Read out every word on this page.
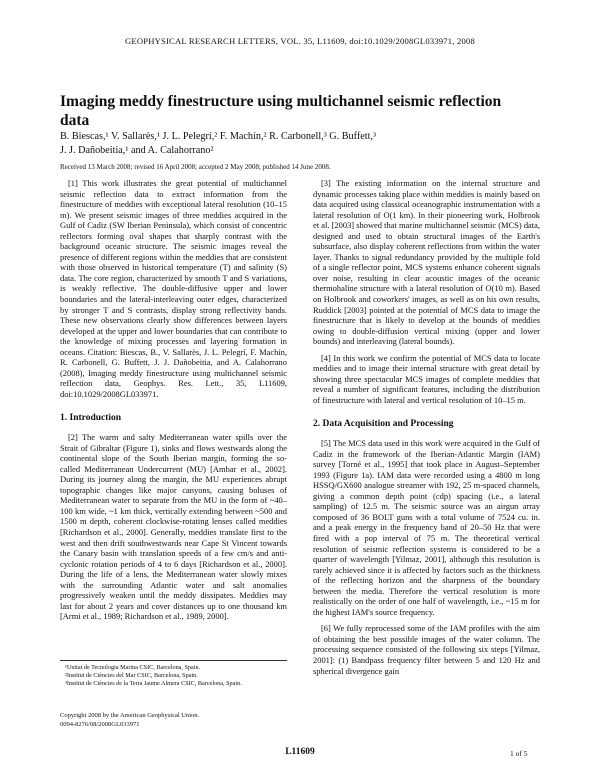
GEOPHYSICAL RESEARCH LETTERS, VOL. 35, L11609, doi:10.1029/2008GL033971, 2008
Imaging meddy finestructure using multichannel seismic reflection data
B. Biescas,¹ V. Sallarès,¹ J. L. Pelegrí,² F. Machín,² R. Carbonell,³ G. Buffett,³
J. J. Dañobeitia,¹ and A. Calahorrano²
Received 13 March 2008; revised 16 April 2008; accepted 2 May 2008; published 14 June 2008.

[1] This work illustrates the great potential of multichannel seismic reflection data to extract information from the finestructure of meddies with exceptional lateral resolution (10–15 m). We present seismic images of three meddies acquired in the Gulf of Cadiz (SW Iberian Peninsula), which consist of concentric reflectors forming oval shapes that sharply contrast with the background oceanic structure. The seismic images reveal the presence of different regions within the meddies that are consistent with those observed in historical temperature (T) and salinity (S) data. The core region, characterized by smooth T and S variations, is weakly reflective. The double-diffusive upper and lower boundaries and the lateral-interleaving outer edges, characterized by stronger T and S contrasts, display strong reflectivity bands. These new observations clearly show differences between layers developed at the upper and lower boundaries that can contribute to the knowledge of mixing processes and layering formation in oceans. Citation: Biescas, B., V. Sallarès, J. L. Pelegrí, F. Machín, R. Carbonell, G. Buffett, J. J. Dañobeitia, and A. Calahorrano (2008), Imaging meddy finestructure using multichannel seismic reflection data, Geophys. Res. Lett., 35, L11609, doi:10.1029/2008GL033971.

1. Introduction

[2] The warm and salty Mediterranean water spills over the Strait of Gibraltar (Figure 1), sinks and flows westwards along the continental slope of the South Iberian margin, forming the so-called Mediterranean Undercurrent (MU) [Ambar et al., 2002]. During its journey along the margin, the MU experiences abrupt topographic changes like major canyons, causing boluses of Mediterranean water to separate from the MU in the form of ~40–100 km wide, ~1 km thick, vertically extending between ~500 and 1500 m depth, coherent clockwise-rotating lenses called meddies [Richardson et al., 2000]. Generally, meddies translate first to the west and then drift southwestwards near Cape St Vincent towards the Canary basin with translation speeds of a few cm/s and anti-cyclonic rotation periods of 4 to 6 days [Richardson et al., 2000]. During the life of a lens, the Mediterranean water slowly mixes with the surrounding Atlantic water and salt anomalies progressively weaken until the meddy dissipates. Meddies may last for about 2 years and cover distances up to one thousand km [Armi et al., 1989; Richardson et al., 1989, 2000].

[3] The existing information on the internal structure and dynamic processes taking place within meddies is mainly based on data acquired using classical oceanographic instrumentation with a lateral resolution of O(1 km). In their pioneering work, Holbrook et al. [2003] showed that marine multichannel seismic (MCS) data, designed and used to obtain structural images of the Earth's subsurface, also display coherent reflections from within the water layer. Thanks to signal redundancy provided by the multiple fold of a single reflector point, MCS systems enhance coherent signals over noise, resulting in clear acoustic images of the oceanic thermohaline structure with a lateral resolution of O(10 m). Based on Holbrook and coworkers' images, as well as on his own results, Ruddick [2003] pointed at the potential of MCS data to image the finestructure that is likely to develop at the bounds of meddies owing to double-diffusion vertical mixing (upper and lower bounds) and interleaving (lateral bounds).

[4] In this work we confirm the potential of MCS data to locate meddies and to image their internal structure with great detail by showing three spectacular MCS images of complete meddies that reveal a number of significant features, including the distribution of finestructure with lateral and vertical resolution of 10–15 m.

2. Data Acquisition and Processing

[5] The MCS data used in this work were acquired in the Gulf of Cadiz in the framework of the Iberian-Atlantic Margin (IAM) survey [Torné et al., 1995] that took place in August–September 1993 (Figure 1a). IAM data were recorded using a 4800 m long HSSQ/GX600 analogue streamer with 192, 25 m-spaced channels, giving a common depth point (cdp) spacing (i.e., a lateral sampling) of 12.5 m. The seismic source was an airgun array composed of 36 BOLT guns with a total volume of 7524 cu. in. and a peak energy in the frequency band of 20–50 Hz that were fired with a pop interval of 75 m. The theoretical vertical resolution of seismic reflection systems is considered to be a quarter of wavelength [Yilmaz, 2001], although this resolution is rarely achieved since it is affected by factors such as the thickness of the reflecting horizon and the sharpness of the boundary between the media. Therefore the vertical resolution is more realistically on the order of one half of wavelength, i.e., ~15 m for the highest IAM's source frequency.

[6] We fully reprocessed some of the IAM profiles with the aim of obtaining the best possible images of the water column. The processing sequence consisted of the following six steps [Yilmaz, 2001]: (1) Bandpass frequency filter between 5 and 120 Hz and spherical divergence gain

¹Unitat de Tecnologia Marina CSIC, Barcelona, Spain.
²Institut de Ciències del Mar CSIC, Barcelona, Spain.
³Institut de Ciències de la Terra Jaume Almera CSIC, Barcelona, Spain.
Copyright 2008 by the American Geophysical Union.
0094-8276/08/2008GL033971
L11609	1 of 5
